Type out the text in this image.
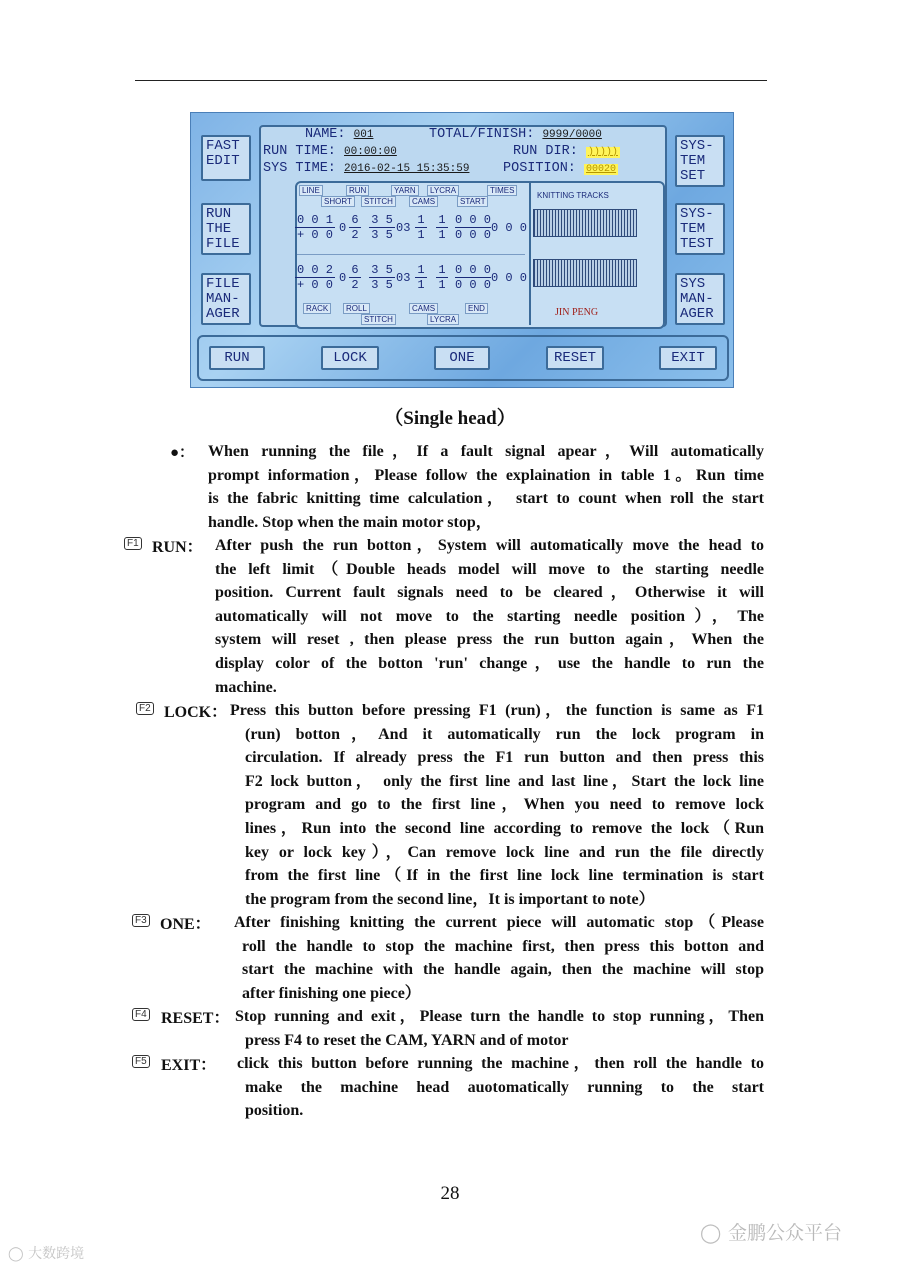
FAST
EDIT
RUN
THE
FILE
FILE
MAN-
AGER
SYS-
TEM
SET
SYS-
TEM
TEST
SYS
MAN-
AGER
NAME: 001	TOTAL/FINISH: 9999/0000
RUN TIME: 00:00:00	RUN DIR: )))))
SYS TIME: 2016-02-15 15:35:59 POSITION: 00020
LINE	RUN	YARN	LYCRA	TIMES
SHORT	STITCH	CAMS	START
$\frac{0 0 1}{+ 0 0} 0 \frac{6}{2} \frac{3 5}{3 5} 03 \frac{1}{1} \frac{1}{1} \frac{0 0 0}{0 0 0} 0$ 0 0
$\frac{0 0 2}{+ 0 0} 0 \frac{6}{2} \frac{3 5}{3 5} 03 \frac{1}{1} \frac{1}{1} \frac{0 0 0}{0 0 0} 0$ 0 0
RACK	ROLL	CAMS	END
STITCH	LYCRA
KNITTING TRACKS
JIN PENG
RUN	LOCK	ONE	RESET	EXIT
（Single head）
●： When running the file，If a fault signal apear，Will automatically
prompt information，Please follow the explaination in table 1。Run time
is the fabric knitting time calculation， start to count when roll the start
handle. Stop when the main motor stop，
F1 RUN： After push the run botton，System will automatically move the head to
the left limit（Double heads model will move to the starting needle
position. Current fault signals need to be cleared，Otherwise it will
automatically will not move to the starting needle position），The
system will reset , then please press the run button again，When the
display color of the botton 'run' change，use the handle to run the
machine.
F2 LOCK： Press this button before pressing F1 (run)，the function is same as F1
(run) botton，And it automatically run the lock program in
circulation. If already press the F1 run button and then press this
F2 lock button， only the first line and last line，Start the lock line
program and go to the first line，When you need to remove lock
lines，Run into the second line according to remove the lock（Run
key or lock key），Can remove lock line and run the file directly
from the first line（If in the first line lock line termination is start
the program from the second line，It is important to note）
F3 ONE： After finishing knitting the current piece will automatic stop（Please
roll the handle to stop the machine first, then press this botton and
start the machine with the handle again, then the machine will stop
after finishing one piece）
F4 RESET： Stop running and exit，Please turn the handle to stop running，Then
press F4 to reset the CAM, YARN and of motor
F5 EXIT： click this button before running the machine，then roll the handle to
make the machine head auotomatically running to the start
position.
28
◯ 金鹏公众平台
◯ 大数跨境
